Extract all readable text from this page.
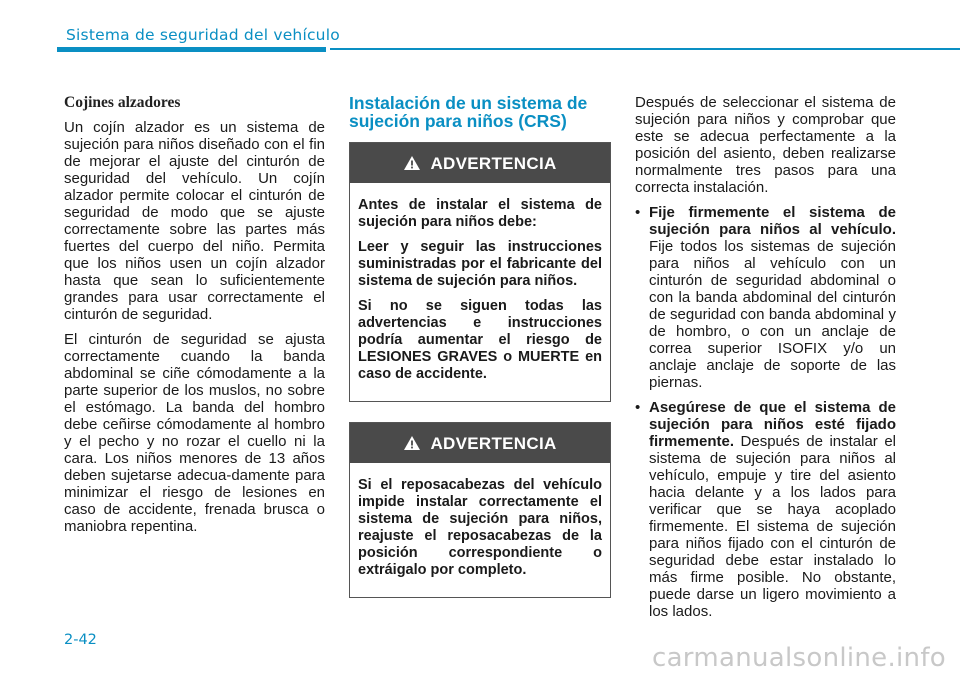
Sistema de seguridad del vehículo
Cojines alzadores

Un cojín alzador es un sistema de sujeción para niños diseñado con el fin de mejorar el ajuste del cinturón de seguridad del vehículo. Un cojín alzador permite colocar el cinturón de seguridad de modo que se ajuste correctamente sobre las partes más fuertes del cuerpo del niño. Permita que los niños usen un cojín alzador hasta que sean lo suficientemente grandes para usar correctamente el cinturón de seguridad.

El cinturón de seguridad se ajusta correctamente cuando la banda abdominal se ciñe cómodamente a la parte superior de los muslos, no sobre el estómago. La banda del hombro debe ceñirse cómodamente al hombro y el pecho y no rozar el cuello ni la cara. Los niños menores de 13 años deben sujetarse adecua-damente para minimizar el riesgo de lesiones en caso de accidente, frenada brusca o maniobra repentina.

Instalación de un sistema de sujeción para niños (CRS)
ADVERTENCIA

Antes de instalar el sistema de sujeción para niños debe:

Leer y seguir las instrucciones suministradas por el fabricante del sistema de sujeción para niños.

Si no se siguen todas las advertencias e instrucciones podría aumentar el riesgo de LESIONES GRAVES o MUERTE en caso de accidente.

ADVERTENCIA

Si el reposacabezas del vehículo impide instalar correctamente el sistema de sujeción para niños, reajuste el reposacabezas de la posición correspondiente o extráigalo por completo.

Después de seleccionar el sistema de sujeción para niños y comprobar que este se adecua perfectamente a la posición del asiento, deben realizarse normalmente tres pasos para una correcta instalación.

• Fije firmemente el sistema de sujeción para niños al vehículo. Fije todos los sistemas de sujeción para niños al vehículo con un cinturón de seguridad abdominal o con la banda abdominal del cinturón de seguridad con banda abdominal y de hombro, o con un anclaje de correa superior ISOFIX y/o un anclaje anclaje de soporte de las piernas.
• Asegúrese de que el sistema de sujeción para niños esté fijado firmemente. Después de instalar el sistema de sujeción para niños al vehículo, empuje y tire del asiento hacia delante y a los lados para verificar que se haya acoplado firmemente. El sistema de sujeción para niños fijado con el cinturón de seguridad debe estar instalado lo más firme posible. No obstante, puede darse un ligero movimiento a los lados.
2-42
carmanualsonline.info
